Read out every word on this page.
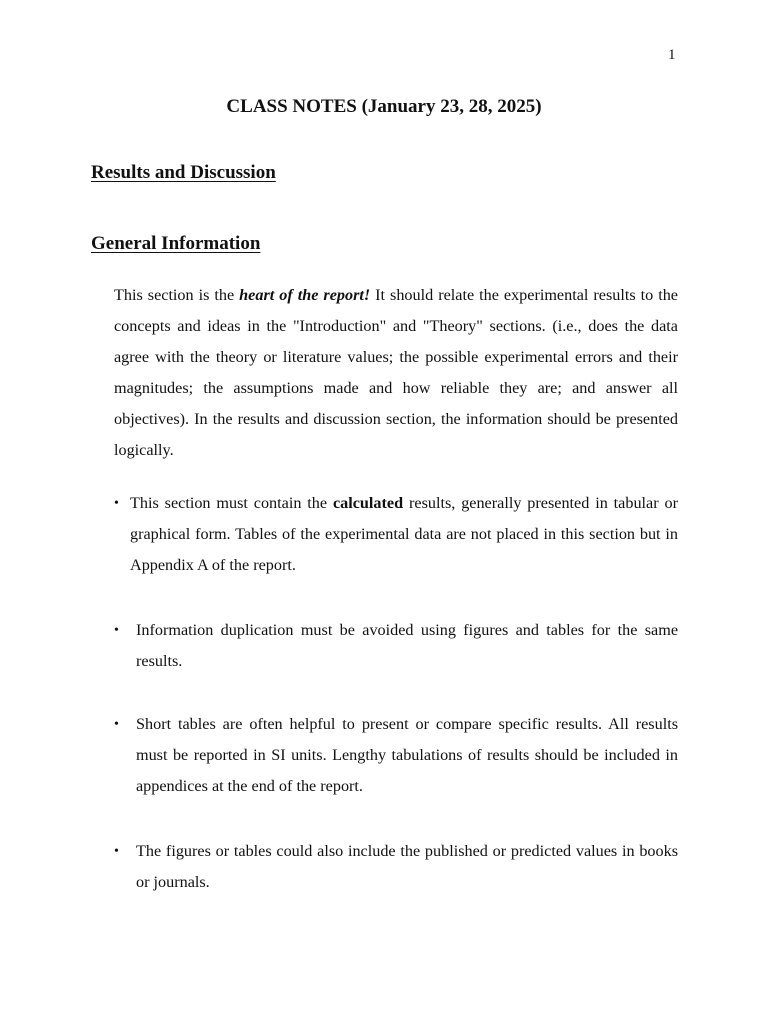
1
CLASS NOTES (January 23, 28, 2025)
Results and Discussion
General Information

This section is the heart of the report! It should relate the experimental results to the concepts and ideas in the "Introduction" and "Theory" sections. (i.e., does the data agree with the theory or literature values; the possible experimental errors and their magnitudes; the assumptions made and how reliable they are; and answer all objectives). In the results and discussion section, the information should be presented logically.

• This section must contain the calculated results, generally presented in tabular or graphical form. Tables of the experimental data are not placed in this section but in Appendix A of the report.
•	Information duplication must be avoided using figures and tables for the same results.
•	Short tables are often helpful to present or compare specific results. All results must be reported in SI units. Lengthy tabulations of results should be included in appendices at the end of the report.
•	The figures or tables could also include the published or predicted values in books or journals.
